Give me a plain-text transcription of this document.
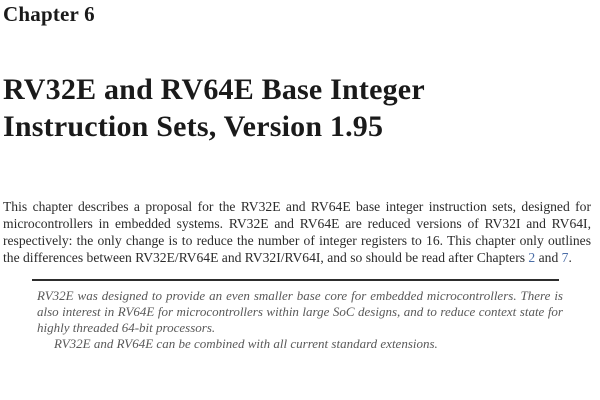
Chapter 6
RV32E and RV64E Base Integer
Instruction Sets, Version 1.95

This chapter describes a proposal for the RV32E and RV64E base integer instruction sets, designed for microcontrollers in embedded systems. RV32E and RV64E are reduced versions of RV32I and RV64I, respectively: the only change is to reduce the number of integer registers to 16. This chapter only outlines the differences between RV32E/RV64E and RV32I/RV64I, and so should be read after Chapters 2 and 7.

RV32E was designed to provide an even smaller base core for embedded microcontrollers. There is also interest in RV64E for microcontrollers within large SoC designs, and to reduce context state for highly threaded 64-bit processors.

RV32E and RV64E can be combined with all current standard extensions.
